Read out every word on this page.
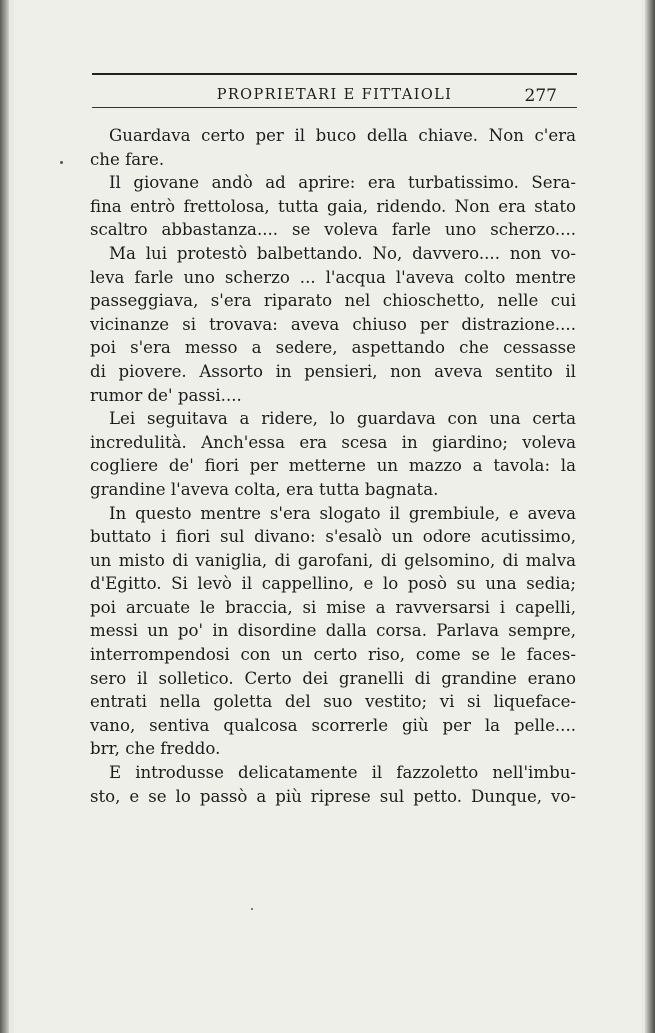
PROPRIETARI E FITTAIOLI	277
Guardava certo per il buco della chiave. Non c'era
che fare.
Il giovane andò ad aprire: era turbatissimo. Sera-
fina entrò frettolosa, tutta gaia, ridendo. Non era stato
scaltro abbastanza.... se voleva farle uno scherzo....
Ma lui protestò balbettando. No, davvero.... non vo-
leva farle uno scherzo ... l'acqua l'aveva colto mentre
passeggiava, s'era riparato nel chioschetto, nelle cui
vicinanze si trovava: aveva chiuso per distrazione....
poi s'era messo a sedere, aspettando che cessasse
di piovere. Assorto in pensieri, non aveva sentito il
rumor de' passi....
Lei seguitava a ridere, lo guardava con una certa
incredulità. Anch'essa era scesa in giardino; voleva
cogliere de' fiori per metterne un mazzo a tavola: la
grandine l'aveva colta, era tutta bagnata.
In questo mentre s'era slogato il grembiule, e aveva
buttato i fiori sul divano: s'esalò un odore acutissimo,
un misto di vaniglia, di garofani, di gelsomino, di malva
d'Egitto. Si levò il cappellino, e lo posò su una sedia;
poi arcuate le braccia, si mise a ravversarsi i capelli,
messi un po' in disordine dalla corsa. Parlava sempre,
interrompendosi con un certo riso, come se le faces-
sero il solletico. Certo dei granelli di grandine erano
entrati nella goletta del suo vestito; vi si liqueface-
vano, sentiva qualcosa scorrerle giù per la pelle....
brr, che freddo.
E introdusse delicatamente il fazzoletto nell'imbu-
sto, e se lo passò a più riprese sul petto. Dunque, vo-
